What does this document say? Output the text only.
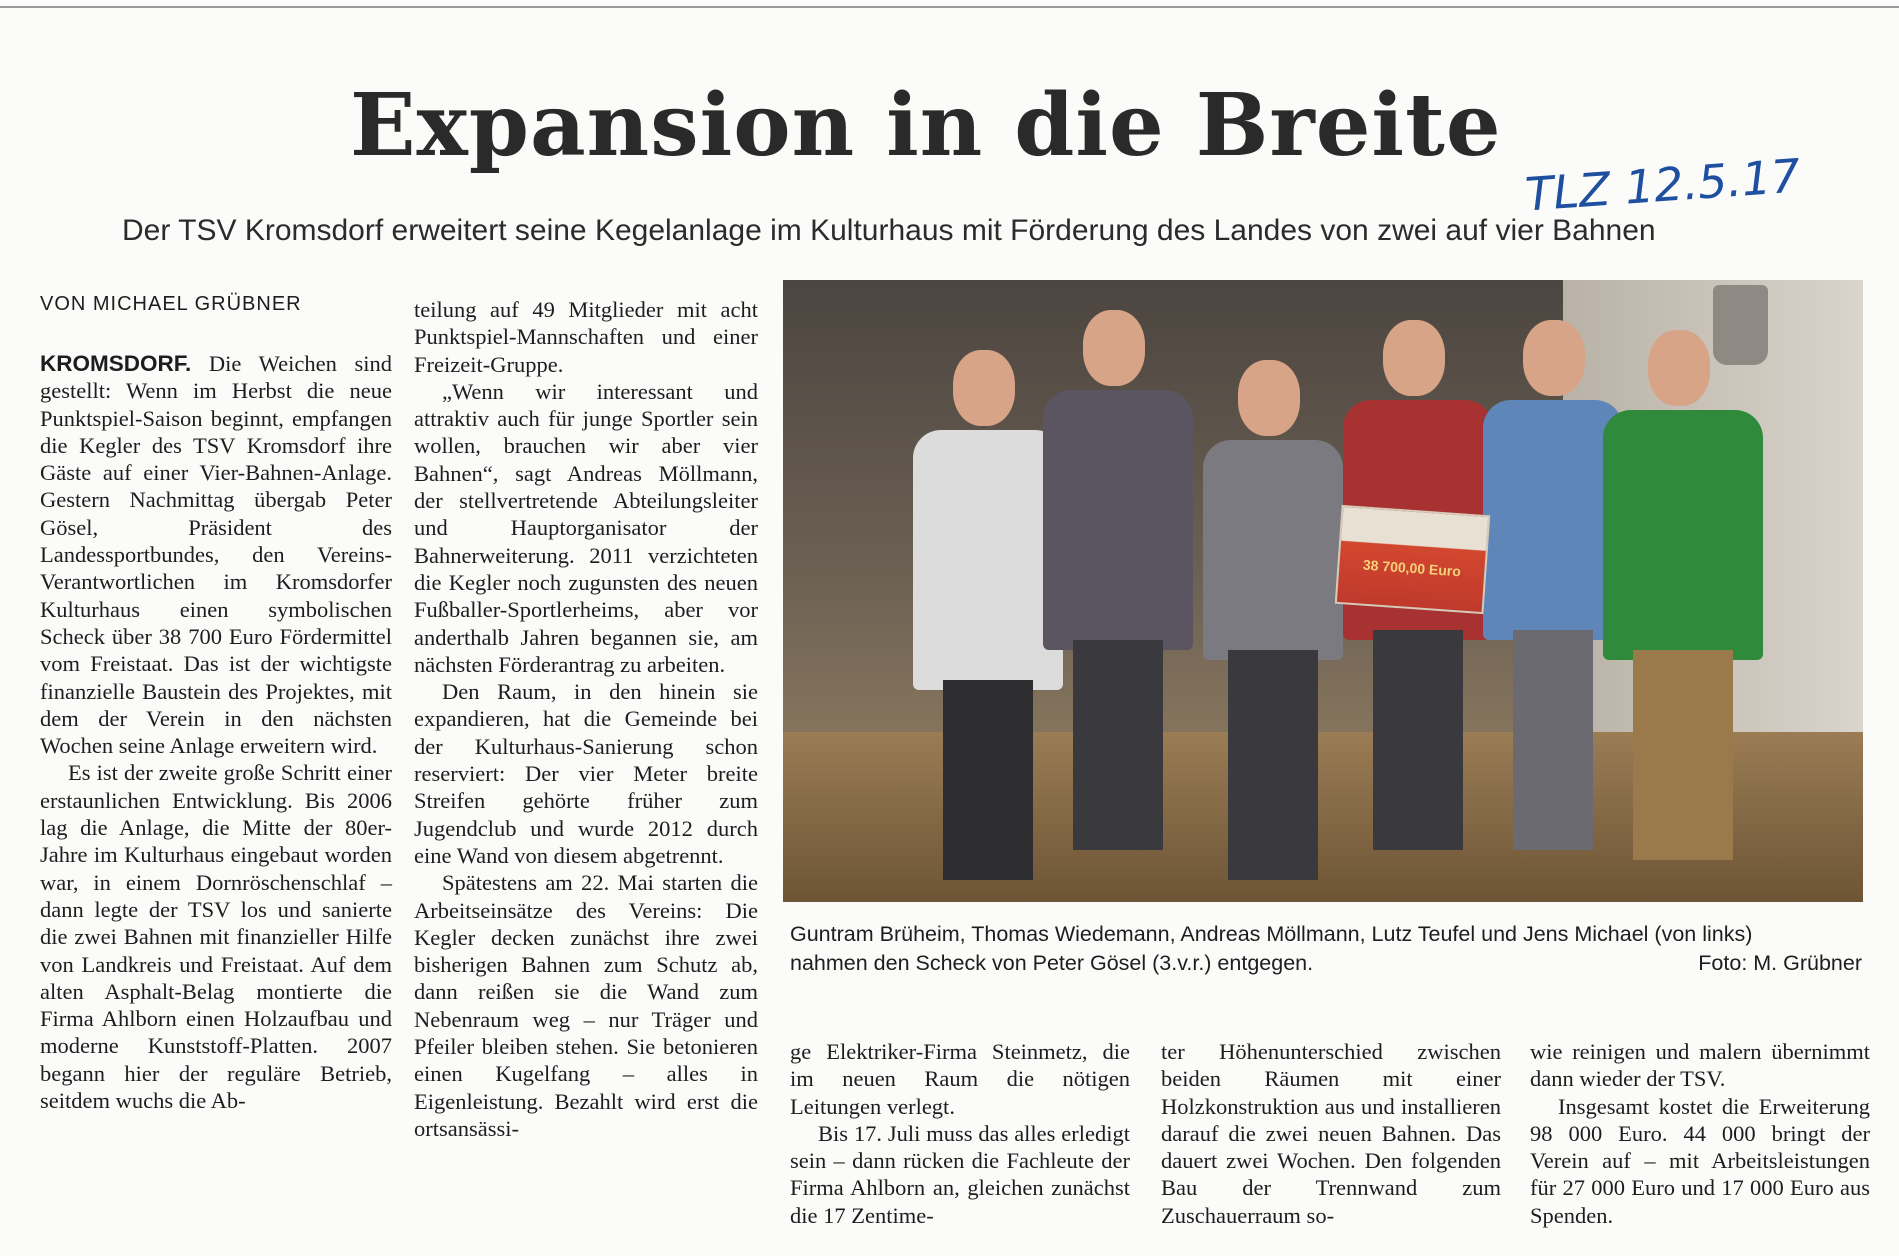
Expansion in die Breite
TLZ 12.5.17
Der TSV Kromsdorf erweitert seine Kegelanlage im Kulturhaus mit Förderung des Landes von zwei auf vier Bahnen
VON MICHAEL GRÜBNER

KROMSDORF. Die Weichen sind gestellt: Wenn im Herbst die neue Punktspiel-Saison beginnt, empfangen die Kegler des TSV Kromsdorf ihre Gäste auf einer Vier-Bahnen-Anlage. Gestern Nachmittag übergab Peter Gösel, Präsident des Landessportbundes, den Vereins-Verantwortlichen im Kromsdorfer Kulturhaus einen symbolischen Scheck über 38 700 Euro Fördermittel vom Freistaat. Das ist der wichtigste finanzielle Baustein des Projektes, mit dem der Verein in den nächsten Wochen seine Anlage erweitern wird.

Es ist der zweite große Schritt einer erstaunlichen Entwicklung. Bis 2006 lag die Anlage, die Mitte der 80er-Jahre im Kulturhaus eingebaut worden war, in einem Dornröschenschlaf – dann legte der TSV los und sanierte die zwei Bahnen mit finanzieller Hilfe von Landkreis und Freistaat. Auf dem alten Asphalt-Belag montierte die Firma Ahlborn einen Holzaufbau und moderne Kunststoff-Platten. 2007 begann hier der reguläre Betrieb, seitdem wuchs die Ab-

teilung auf 49 Mitglieder mit acht Punktspiel-Mannschaften und einer Freizeit-Gruppe.

„Wenn wir interessant und attraktiv auch für junge Sportler sein wollen, brauchen wir aber vier Bahnen“, sagt Andreas Möllmann, der stellvertretende Abteilungsleiter und Hauptorganisator der Bahnerweiterung. 2011 verzichteten die Kegler noch zugunsten des neuen Fußballer-Sportlerheims, aber vor anderthalb Jahren begannen sie, am nächsten Förderantrag zu arbeiten.

Den Raum, in den hinein sie expandieren, hat die Gemeinde bei der Kulturhaus-Sanierung schon reserviert: Der vier Meter breite Streifen gehörte früher zum Jugendclub und wurde 2012 durch eine Wand von diesem abgetrennt.

Spätestens am 22. Mai starten die Arbeitseinsätze des Vereins: Die Kegler decken zunächst ihre zwei bisherigen Bahnen zum Schutz ab, dann reißen sie die Wand zum Nebenraum weg – nur Träger und Pfeiler bleiben stehen. Sie betonieren einen Kugelfang – alles in Eigenleistung. Bezahlt wird erst die ortsansässi-

38 700,00 Euro
Guntram Brüheim, Thomas Wiedemann, Andreas Möllmann, Lutz Teufel und Jens Michael (von links)
nahmen den Scheck von Peter Gösel (3.v.r.) entgegen.	Foto: M. Grübner

ge Elektriker-Firma Steinmetz, die im neuen Raum die nötigen Leitungen verlegt.

Bis 17. Juli muss das alles erledigt sein – dann rücken die Fachleute der Firma Ahlborn an, gleichen zunächst die 17 Zentime-

ter Höhenunterschied zwischen beiden Räumen mit einer Holzkonstruktion aus und installieren darauf die zwei neuen Bahnen. Das dauert zwei Wochen. Den folgenden Bau der Trennwand zum Zuschauerraum so-

wie reinigen und malern übernimmt dann wieder der TSV.

Insgesamt kostet die Erweiterung 98 000 Euro. 44 000 bringt der Verein auf – mit Arbeitsleistungen für 27 000 Euro und 17 000 Euro aus Spenden.
